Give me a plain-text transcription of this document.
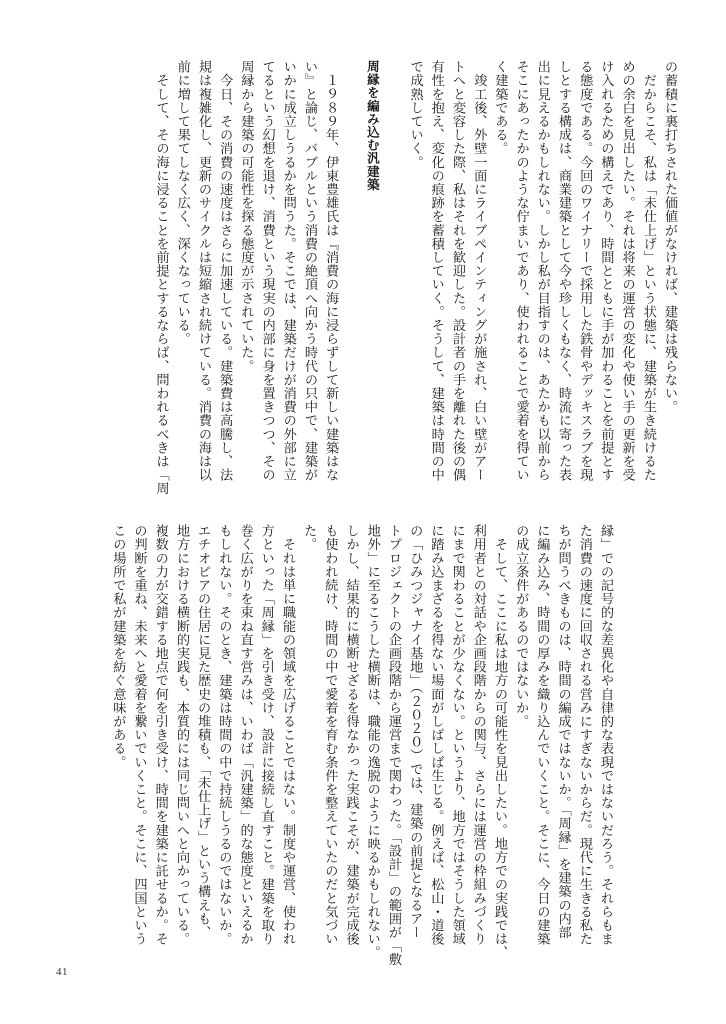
の蓄積に裏打ちされた価値がなければ、建築は残らない。

　だからこそ、私は「未仕上げ」という状態に、建築が生き続けるた

めの余白を見出したい。それは将来の運営の変化や使い手の更新を受

け入れるための構えであり、時間とともに手が加わることを前提とす

る態度である。今回のワイナリーで採用した鉄骨やデッキスラブを現

しとする構成は、商業建築として今や珍しくもなく、時流に寄った表

出に見えるかもしれない。しかし私が目指すのは、あたかも以前から

そこにあったかのような佇まいであり、使われることで愛着を得てい

く建築である。

　竣工後、外壁一面にライブペインティングが施され、白い壁がアー

トへと変容した際、私はそれを歓迎した。設計者の手を離れた後の偶

有性を抱え、変化の痕跡を蓄積していく。そうして、建築は時間の中

で成熟していく。

周縁を編み込む汎建築

　１９８９年、伊東豊雄氏は『消費の海に浸らずして新しい建築はな

い』と論じ、バブルという消費の絶頂へ向かう時代の只中で、建築が

いかに成立しうるかを問うた。そこでは、建築だけが消費の外部に立

てるという幻想を退け、消費という現実の内部に身を置きつつ、その

周縁から建築の可能性を探る態度が示されていた。

　今日、その消費の速度はさらに加速している。建築費は高騰し、法

規は複雑化し、更新のサイクルは短縮され続けている。消費の海は以

前に増して果てしなく広く、深くなっている。

　そして、その海に浸ることを前提とするならば、問われるべきは「周

縁」での記号的な差異化や自律的な表現ではないだろう。それらもま

た消費の速度に回収される営みにすぎないからだ。現代に生きる私た

ちが問うべきものは、時間の編成ではないか。「周縁」を建築の内部

に編み込み、時間の厚みを織り込んでいくこと。そこに、今日の建築

の成立条件があるのではないか。

　そして、ここに私は地方の可能性を見出したい。地方での実践では、

利用者との対話や企画段階からの関与、さらには運営の枠組みづくり

にまで関わることが少なくない。というより、地方ではそうした領域

に踏み込まざるを得ない場面がしばしば生じる。例えば、松山・道後

の「ひみつジャナイ基地」（２０２０）では、建築の前提となるアー

トプロジェクトの企画段階から運営まで関わった。「設計」の範囲が「敷

地外」に至るこうした横断は、職能の逸脱のように映るかもしれない。

しかし、結果的に横断せざるを得なかった実践こそが、建築が完成後

も使われ続け、時間の中で愛着を育む条件を整えていたのだと気づい

た。

　それは単に職能の領域を広げることではない。制度や運営、使われ

方といった「周縁」を引き受け、設計に接続し直すこと。建築を取り

巻く広がりを束ね直す営みは、いわば「汎建築」的な態度といえるか

もしれない。そのとき、建築は時間の中で持続しうるのではないか。

エチオピアの住居に見た歴史の堆積も、「未仕上げ」という構えも、

地方における横断的実践も、本質的には同じ問いへと向かっている。

複数の力が交錯する地点で何を引き受け、時間を建築に託せるか。そ

の判断を重ね、未来へと愛着を繋いでいくこと。そこに、四国という

この場所で私が建築を紡ぐ意味がある。

41
